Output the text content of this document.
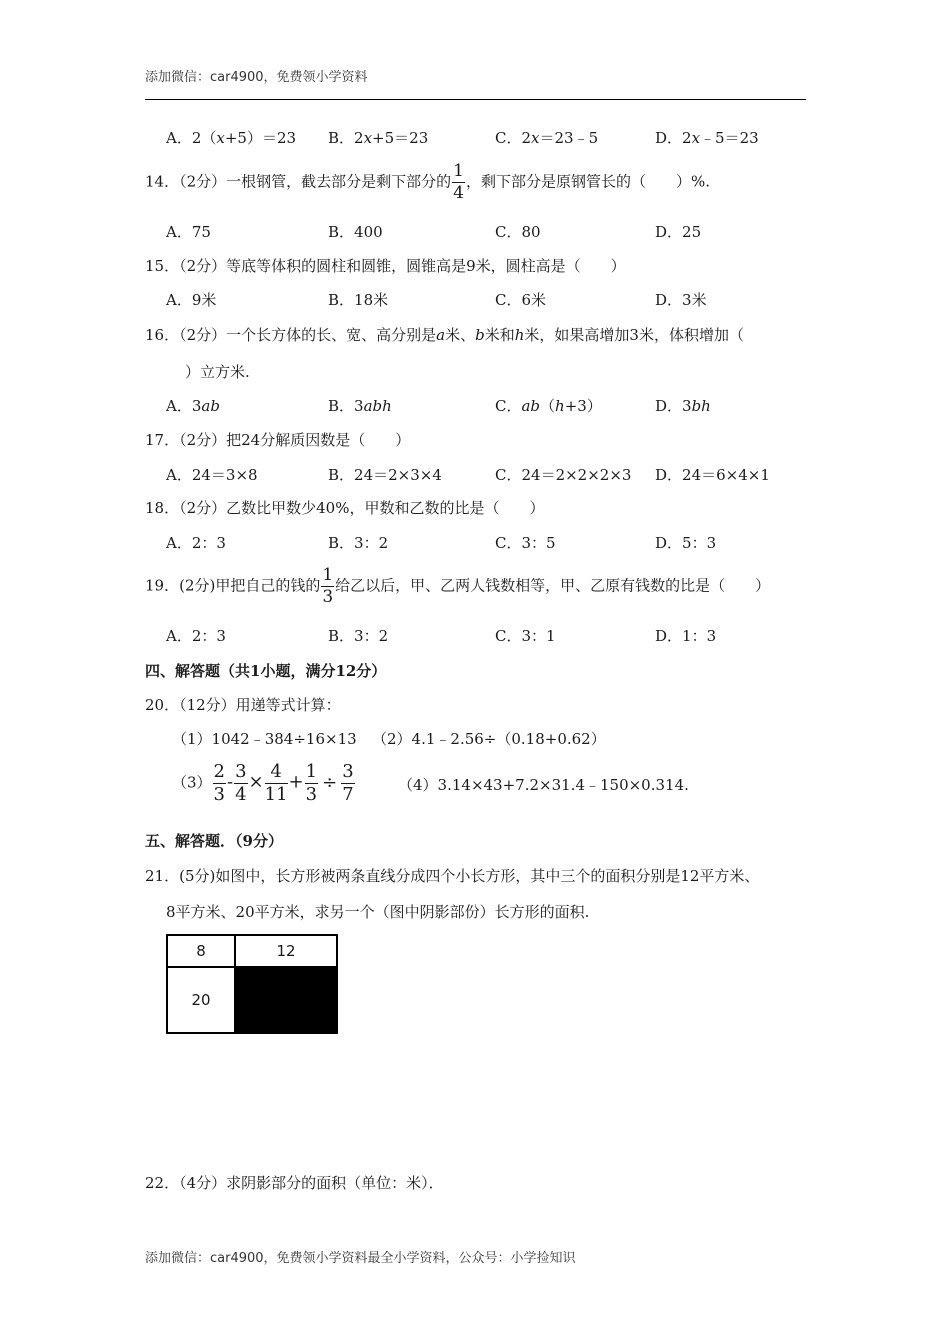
添加微信：car4900，免费领小学资料
A．2（x+5）＝23 B．2x+5＝23	C．2x＝23﹣5	D．2x﹣5＝23
14．（2分）一根钢管，截去部分是剩下部分的 $\frac{1}{4}$ ，剩下部分是原钢管长的（　　）%.
A．75	B．400	C．80	D．25
15．（2分）等底等体积的圆柱和圆锥，圆锥高是9米，圆柱高是（　　）
A．9米	B．18米	C．6米	D．3米
16．（2分）一个长方体的长、宽、高分别是a米、b米和h米，如果高增加3米，体积增加（
）立方米.
A．3ab	B．3abh	C．ab（h+3）	D．3bh
17．（2分）把24分解质因数是（　　）
A．24＝3×8	B．24＝2×3×4	C．24＝2×2×2×3 D．24＝6×4×1
18．（2分）乙数比甲数少40%，甲数和乙数的比是（　　）
A．2：3	B．3：2	C．3：5	D．5：3
19．(2分)甲把自己的钱的 $\frac{1}{3}$ 给乙以后，甲、乙两人钱数相等，甲、乙原有钱数的比是（　　）
A．2：3	B．3：2	C．3：1	D．1：3
四、解答题（共1小题，满分12分）
20．（12分）用递等式计算：
（1）1042﹣384÷16×13 （2）4.1﹣2.56÷（0.18+0.62）
$(3) \frac{2}{3} - \frac{3}{4} \times \frac{4}{11} + \frac{1}{3} \div \frac{3}{7}$	（4）3.14×43+7.2×31.4﹣150×0.314.
五、解答题．（9分）
21．(5分)如图中，长方形被两条直线分成四个小长方形，其中三个的面积分别是12平方米、
8平方米、20平方米，求另一个（图中阴影部份）长方形的面积.
8	12
20
22．（4分）求阴影部分的面积（单位：米）．
添加微信：car4900，免费领小学资料最全小学资料，公众号：小学捡知识
